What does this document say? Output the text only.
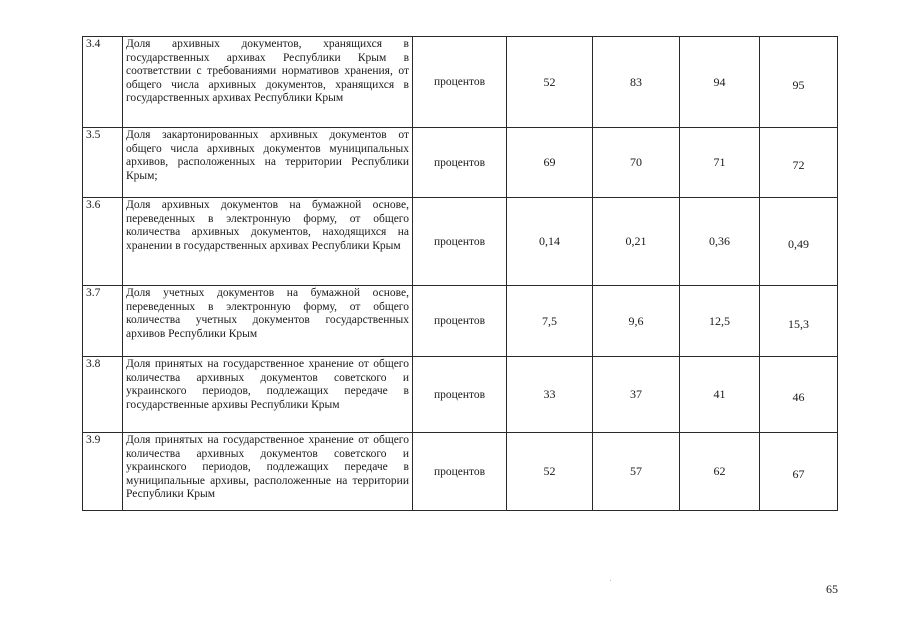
3.4	Доля архивных документов, хранящихся в государственных архивах Республики Крым в соответствии с требованиями нормативов хранения, от общего числа архивных документов, хранящихся в государственных архивах Республики Крым	процентов	52	83	94	95
3.5	Доля закартонированных архивных документов от общего числа архивных документов муниципальных архивов, расположенных на территории Республики Крым;	процентов	69	70	71	72
3.6	Доля архивных документов на бумажной основе, переведенных в электронную форму, от общего количества архивных документов, находящихся на хранении в государственных архивах Республики Крым	процентов	0,14	0,21	0,36	0,49
3.7	Доля учетных документов на бумажной основе, переведенных в электронную форму, от общего количества учетных документов государственных архивов Республики Крым	процентов	7,5	9,6	12,5	15,3
3.8	Доля принятых на государственное хранение от общего количества архивных документов советского и украинского периодов, подлежащих передаче в государственные архивы Республики Крым	процентов	33	37	41	46
3.9	Доля принятых на государственное хранение от общего количества архивных документов советского и украинского периодов, подлежащих передаче в муниципальные архивы, расположенные на территории Республики Крым	процентов	52	57	62	67
65
